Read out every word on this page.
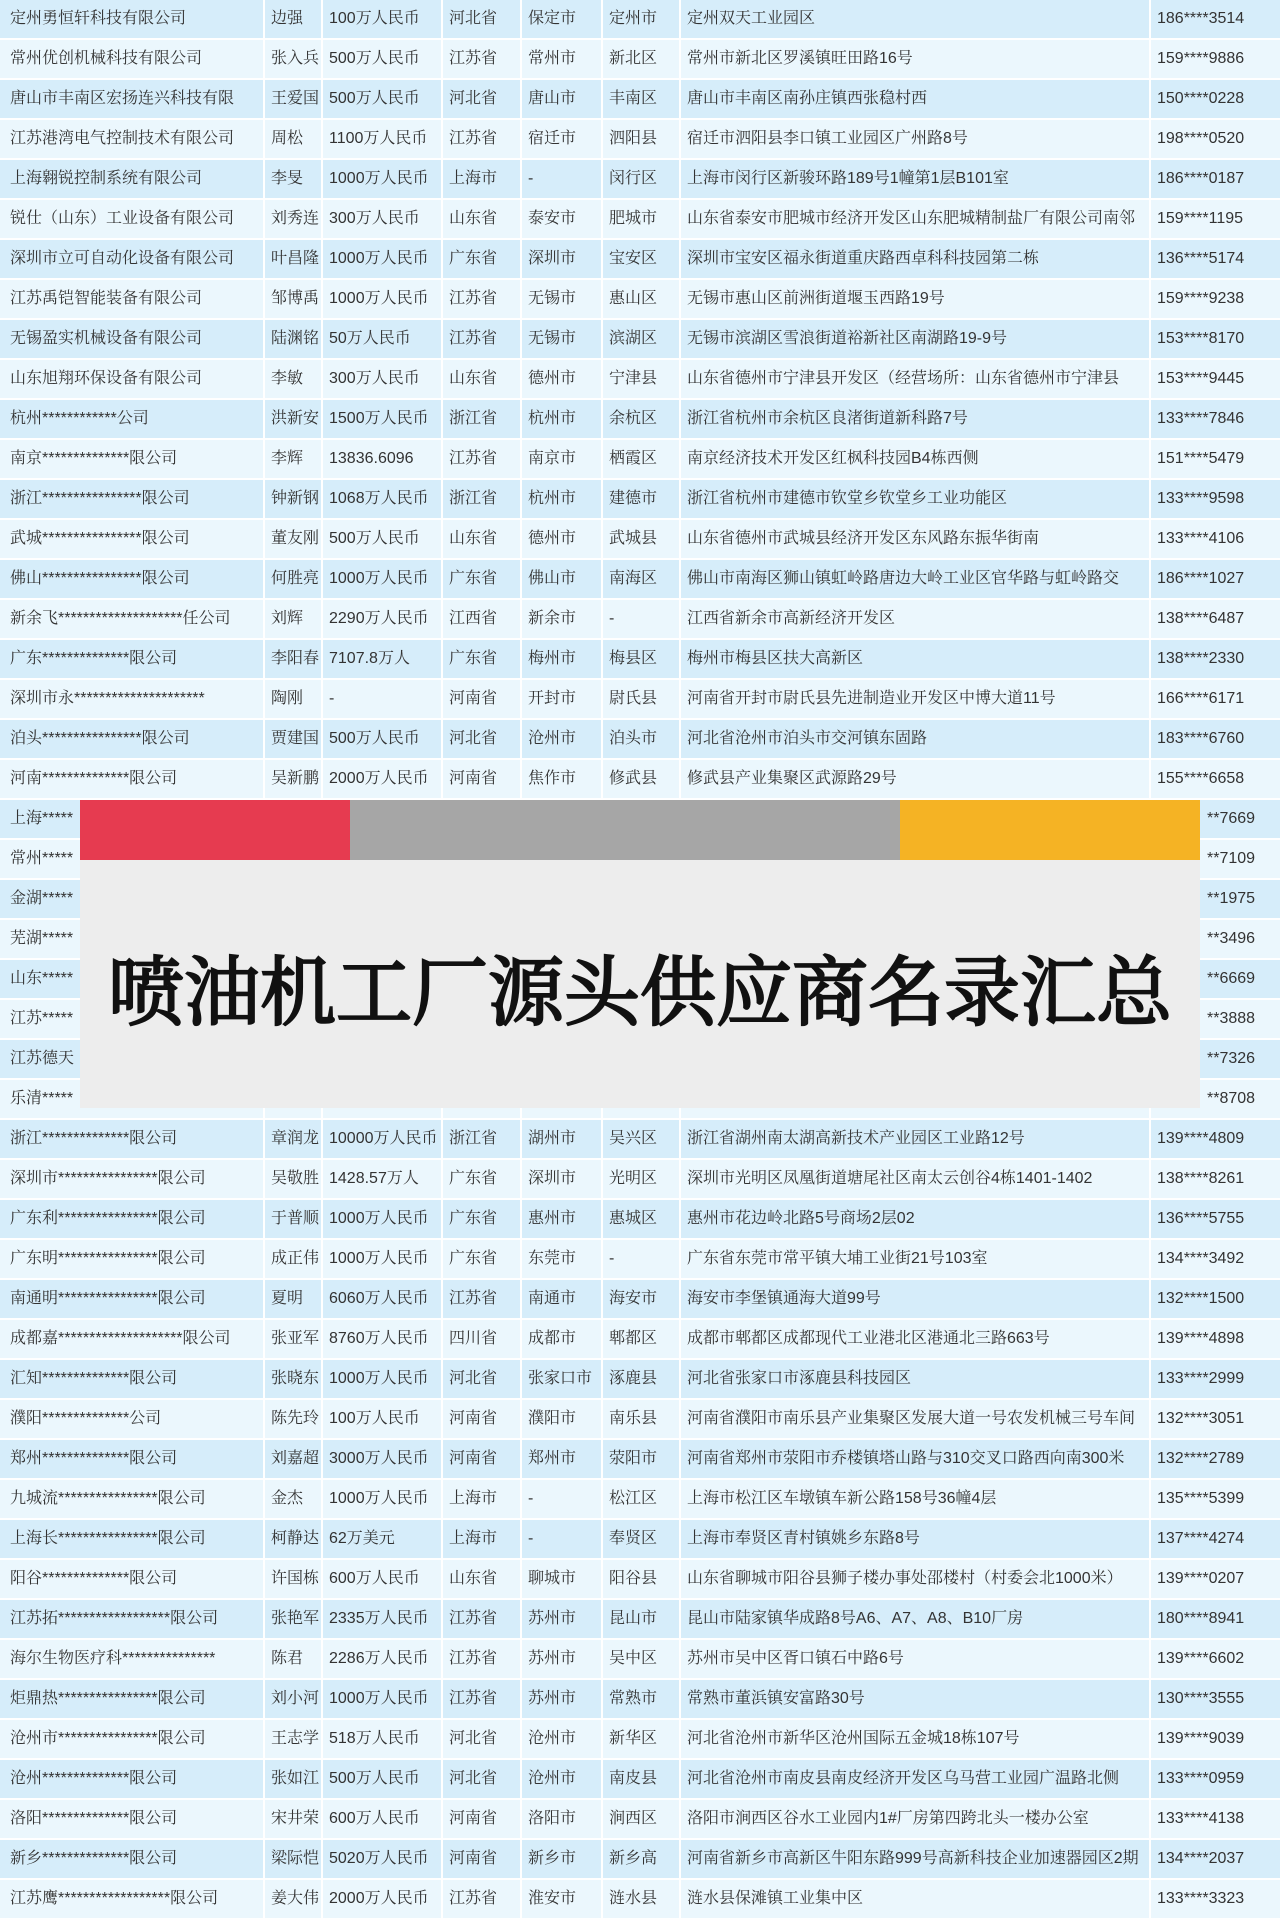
定州勇恒轩科技有限公司	边强	100万人民币	河北省	保定市	定州市	定州双天工业园区	186****3514
常州优创机械科技有限公司	张入兵 500万人民币	江苏省	常州市	新北区	常州市新北区罗溪镇旺田路16号	159****9886
唐山市丰南区宏扬连兴科技有限	王爱国 500万人民币	河北省	唐山市	丰南区	唐山市丰南区南孙庄镇西张稳村西	150****0228
江苏港湾电气控制技术有限公司	周松	1100万人民币	江苏省	宿迁市	泗阳县	宿迁市泗阳县李口镇工业园区广州路8号	198****0520
上海翱锐控制系统有限公司	李旻	1000万人民币	上海市	-	闵行区	上海市闵行区新骏环路189号1幢第1层B101室	186****0187
锐仕（山东）工业设备有限公司	刘秀连 300万人民币	山东省	泰安市	肥城市	山东省泰安市肥城市经济开发区山东肥城精制盐厂有限公司南邻	159****1195
深圳市立可自动化设备有限公司	叶昌隆 1000万人民币	广东省	深圳市	宝安区	深圳市宝安区福永街道重庆路西卓科科技园第二栋	136****5174
江苏禹铠智能装备有限公司	邹博禹 1000万人民币	江苏省	无锡市	惠山区	无锡市惠山区前洲街道堰玉西路19号	159****9238
无锡盈实机械设备有限公司	陆渊铭 50万人民币	江苏省	无锡市	滨湖区	无锡市滨湖区雪浪街道裕新社区南湖路19-9号	153****8170
山东旭翔环保设备有限公司	李敏	300万人民币	山东省	德州市	宁津县	山东省德州市宁津县开发区（经营场所：山东省德州市宁津县	153****9445
杭州************公司	洪新安 1500万人民币	浙江省	杭州市	余杭区	浙江省杭州市余杭区良渚街道新科路7号	133****7846
南京**************限公司	李辉	13836.6096	江苏省	南京市	栖霞区	南京经济技术开发区红枫科技园B4栋西侧	151****5479
浙江****************限公司	钟新钢 1068万人民币	浙江省	杭州市	建德市	浙江省杭州市建德市钦堂乡钦堂乡工业功能区	133****9598
武城****************限公司	董友刚 500万人民币	山东省	德州市	武城县	山东省德州市武城县经济开发区东风路东振华街南	133****4106
佛山****************限公司	何胜亮 1000万人民币	广东省	佛山市	南海区	佛山市南海区狮山镇虹岭路唐边大岭工业区官华路与虹岭路交	186****1027
新余飞********************任公司	刘辉	2290万人民币	江西省	新余市	-	江西省新余市高新经济开发区	138****6487
广东**************限公司	李阳春 7107.8万人	广东省	梅州市	梅县区	梅州市梅县区扶大高新区	138****2330
深圳市永*********************	陶刚	-	河南省	开封市	尉氏县	河南省开封市尉氏县先进制造业开发区中博大道11号	166****6171
泊头****************限公司	贾建国 500万人民币	河北省	沧州市	泊头市	河北省沧州市泊头市交河镇东固路	183****6760
河南**************限公司	吴新鹏 2000万人民币	河南省	焦作市	修武县	修武县产业集聚区武源路29号	155****6658
上海*****	**7669
常州*****	**7109
金湖*****	**1975
芜湖*****	**3496
山东*****	**6669
江苏*****	**3888
江苏德天	**7326
乐清*****	**8708
浙江**************限公司	章润龙 10000万人民币 浙江省	湖州市	吴兴区	浙江省湖州南太湖高新技术产业园区工业路12号	139****4809
深圳市****************限公司	吴敬胜 1428.57万人	广东省	深圳市	光明区	深圳市光明区凤凰街道塘尾社区南太云创谷4栋1401-1402	138****8261
广东利****************限公司	于普顺 1000万人民币	广东省	惠州市	惠城区	惠州市花边岭北路5号商场2层02	136****5755
广东明****************限公司	成正伟 1000万人民币	广东省	东莞市	-	广东省东莞市常平镇大埔工业街21号103室	134****3492
南通明****************限公司	夏明	6060万人民币	江苏省	南通市	海安市	海安市李堡镇通海大道99号	132****1500
成都嘉********************限公司	张亚军 8760万人民币	四川省	成都市	郫都区	成都市郫都区成都现代工业港北区港通北三路663号	139****4898
汇知**************限公司	张晓东 1000万人民币	河北省	张家口市	涿鹿县	河北省张家口市涿鹿县科技园区	133****2999
濮阳**************公司	陈先玲 100万人民币	河南省	濮阳市	南乐县	河南省濮阳市南乐县产业集聚区发展大道一号农发机械三号车间	132****3051
郑州**************限公司	刘嘉超 3000万人民币	河南省	郑州市	荥阳市	河南省郑州市荥阳市乔楼镇塔山路与310交叉口路西向南300米	132****2789
九城流****************限公司	金杰	1000万人民币	上海市	-	松江区	上海市松江区车墩镇车新公路158号36幢4层	135****5399
上海长****************限公司	柯静达 62万美元	上海市	-	奉贤区	上海市奉贤区青村镇姚乡东路8号	137****4274
阳谷**************限公司	许国栋 600万人民币	山东省	聊城市	阳谷县	山东省聊城市阳谷县狮子楼办事处邵楼村（村委会北1000米）	139****0207
江苏拓******************限公司	张艳军 2335万人民币	江苏省	苏州市	昆山市	昆山市陆家镇华成路8号A6、A7、A8、B10厂房	180****8941
海尔生物医疗科***************	陈君	2286万人民币	江苏省	苏州市	吴中区	苏州市吴中区胥口镇石中路6号	139****6602
炬鼎热****************限公司	刘小河 1000万人民币	江苏省	苏州市	常熟市	常熟市董浜镇安富路30号	130****3555
沧州市****************限公司	王志学 518万人民币	河北省	沧州市	新华区	河北省沧州市新华区沧州国际五金城18栋107号	139****9039
沧州**************限公司	张如江 500万人民币	河北省	沧州市	南皮县	河北省沧州市南皮县南皮经济开发区乌马营工业园广温路北侧	133****0959
洛阳**************限公司	宋井荣 600万人民币	河南省	洛阳市	涧西区	洛阳市涧西区谷水工业园内1#厂房第四跨北头一楼办公室	133****4138
新乡**************限公司	梁际恺 5020万人民币	河南省	新乡市	新乡高	河南省新乡市高新区牛阳东路999号高新科技企业加速器园区2期	134****2037
江苏鹰******************限公司	姜大伟 2000万人民币	江苏省	淮安市	涟水县	涟水县保滩镇工业集中区	133****3323
喷油机工厂源头供应商名录汇总
